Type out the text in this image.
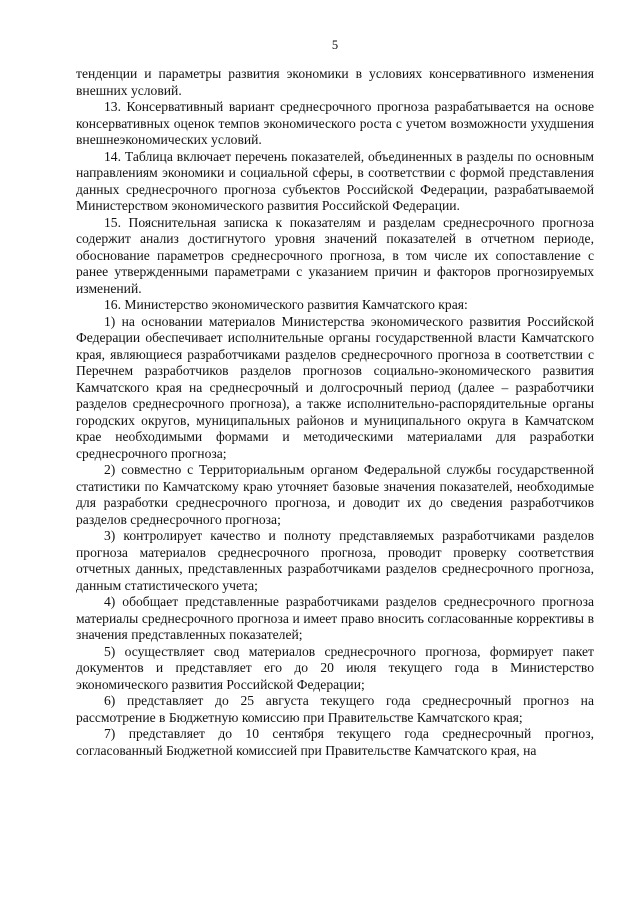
5

тенденции и параметры развития экономики в условиях консервативного изменения внешних условий.

13. Консервативный вариант среднесрочного прогноза разрабатывается на основе консервативных оценок темпов экономического роста с учетом возможности ухудшения внешнеэкономических условий.

14. Таблица включает перечень показателей, объединенных в разделы по основным направлениям экономики и социальной сферы, в соответствии с формой представления данных среднесрочного прогноза субъектов Российской Федерации, разрабатываемой Министерством экономического развития Российской Федерации.

15. Пояснительная записка к показателям и разделам среднесрочного прогноза содержит анализ достигнутого уровня значений показателей в отчетном периоде, обоснование параметров среднесрочного прогноза, в том числе их сопоставление с ранее утвержденными параметрами с указанием причин и факторов прогнозируемых изменений.

16. Министерство экономического развития Камчатского края:

1) на основании материалов Министерства экономического развития Российской Федерации обеспечивает исполнительные органы государственной власти Камчатского края, являющиеся разработчиками разделов среднесрочного прогноза в соответствии с Перечнем разработчиков разделов прогнозов социально-экономического развития Камчатского края на среднесрочный и долгосрочный период (далее – разработчики разделов среднесрочного прогноза), а также исполнительно-распорядительные органы городских округов, муниципальных районов и муниципального округа в Камчатском крае необходимыми формами и методическими материалами для разработки среднесрочного прогноза;

2) совместно с Территориальным органом Федеральной службы государственной статистики по Камчатскому краю уточняет базовые значения показателей, необходимые для разработки среднесрочного прогноза, и доводит их до сведения разработчиков разделов среднесрочного прогноза;

3) контролирует качество и полноту представляемых разработчиками разделов прогноза материалов среднесрочного прогноза, проводит проверку соответствия отчетных данных, представленных разработчиками разделов среднесрочного прогноза, данным статистического учета;

4) обобщает представленные разработчиками разделов среднесрочного прогноза материалы среднесрочного прогноза и имеет право вносить согласованные коррективы в значения представленных показателей;

5) осуществляет свод материалов среднесрочного прогноза, формирует пакет документов и представляет его до 20 июля текущего года в Министерство экономического развития Российской Федерации;

6) представляет до 25 августа текущего года среднесрочный прогноз на рассмотрение в Бюджетную комиссию при Правительстве Камчатского края;

7) представляет до 10 сентября текущего года среднесрочный прогноз, согласованный Бюджетной комиссией при Правительстве Камчатского края, на
